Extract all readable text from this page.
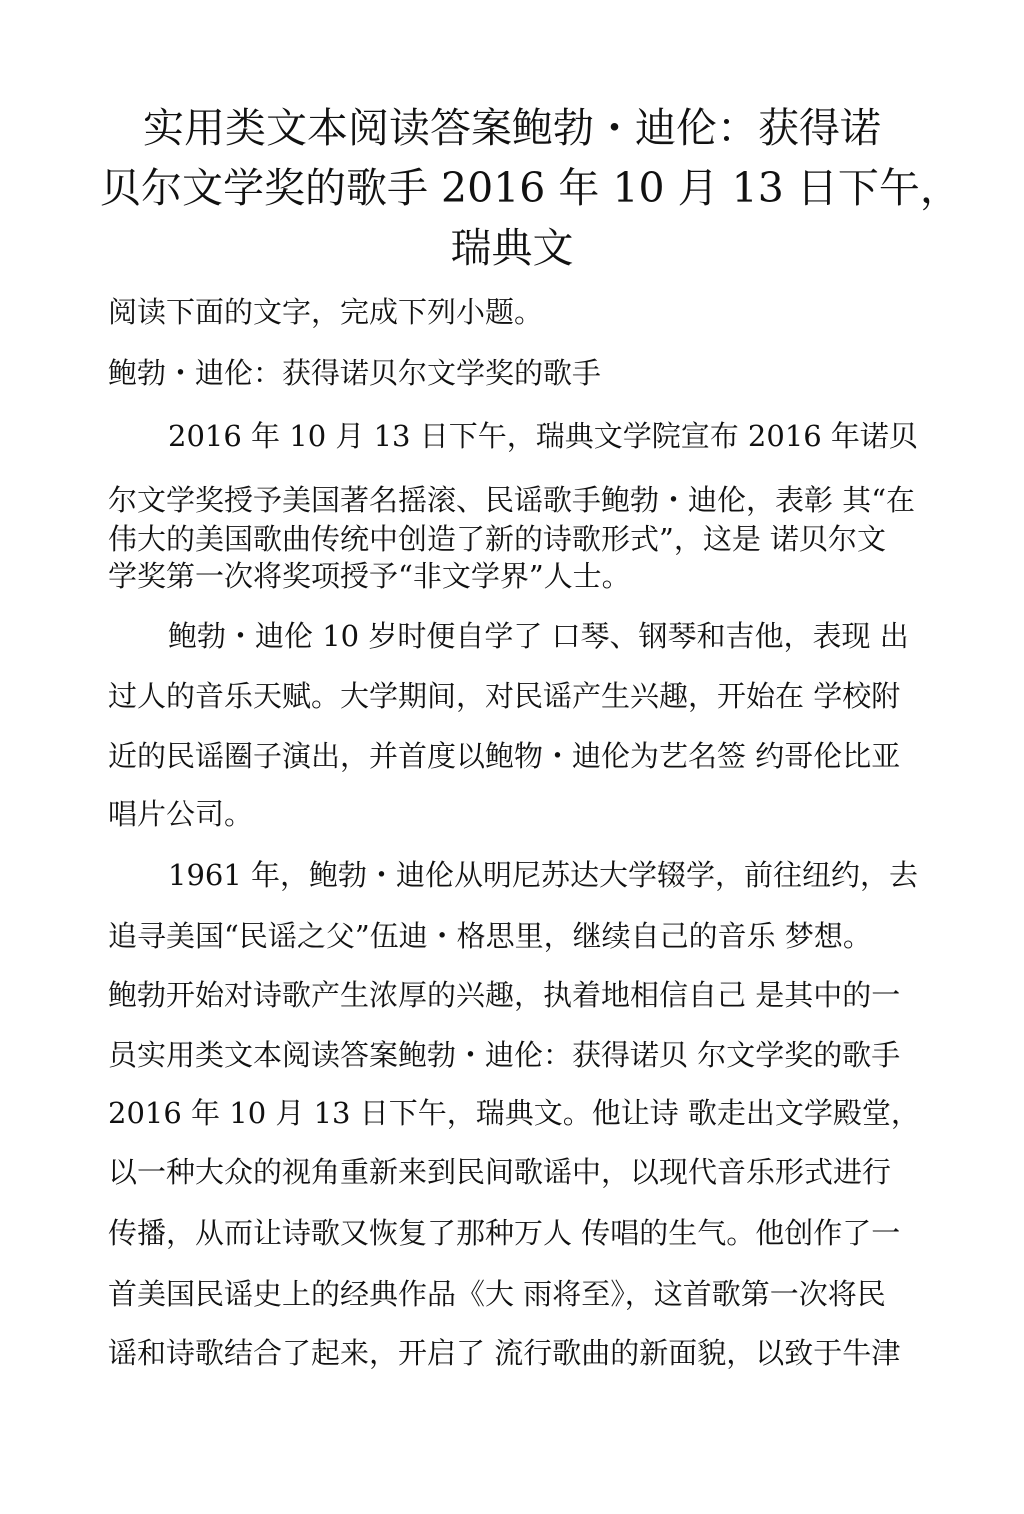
实用类文本阅读答案鲍勃・迪伦：获得诺
贝尔文学奖的歌手 2016 年 10 月 13 日下午，
瑞典文
阅读下面的文字，完成下列小题。
鲍勃・迪伦：获得诺贝尔文学奖的歌手
2016 年 10 月 13 日下午，瑞典文学院宣布 2016 年诺贝
尔文学奖授予美国著名摇滚、民谣歌手鲍勃・迪伦，表彰 其“在
伟大的美国歌曲传统中创造了新的诗歌形式”，这是 诺贝尔文
学奖第一次将奖项授予“非文学界”人士。
鲍勃・迪伦 10 岁时便自学了 口琴、钢琴和吉他，表现 出
过人的音乐天赋。大学期间，对民谣产生兴趣，开始在 学校附
近的民谣圈子演出，并首度以鲍物・迪伦为艺名签 约哥伦比亚
唱片公司。
1961 年，鲍勃・迪伦从明尼苏达大学辍学，前往纽约，去
追寻美国“民谣之父”伍迪・格思里，继续自己的音乐 梦想。
鲍勃开始对诗歌产生浓厚的兴趣，执着地相信自己 是其中的一
员实用类文本阅读答案鲍勃・迪伦：获得诺贝 尔文学奖的歌手
2016 年 10 月 13 日下午，瑞典文。他让诗 歌走出文学殿堂，
以一种大众的视角重新来到民间歌谣中，以现代音乐形式进行
传播，从而让诗歌又恢复了那种万人 传唱的生气。他创作了一
首美国民谣史上的经典作品《大 雨将至》，这首歌第一次将民
谣和诗歌结合了起来，开启了 流行歌曲的新面貌，以致于牛津
